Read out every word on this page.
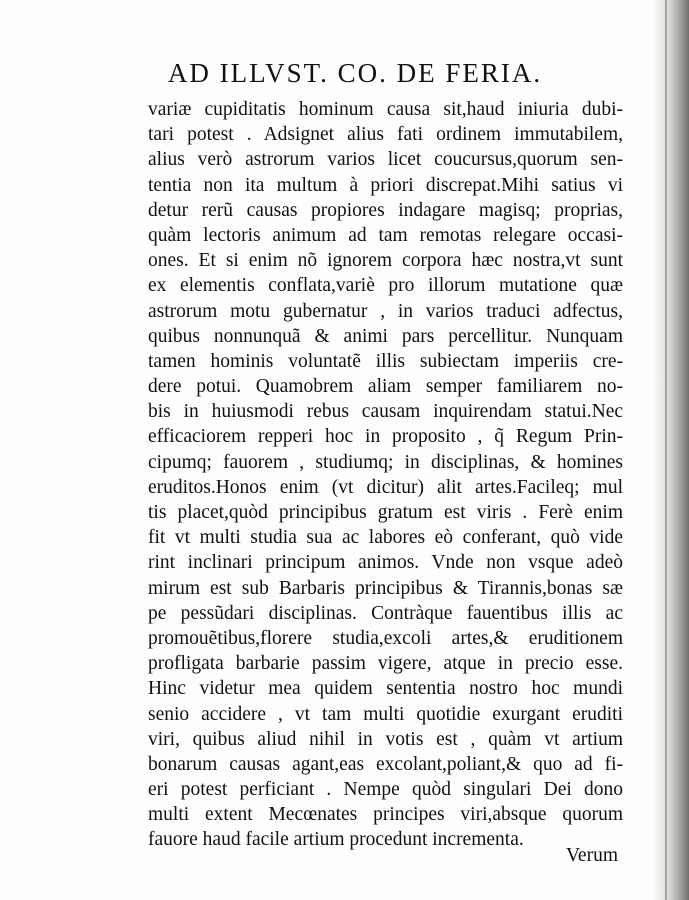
AD ILLVST. CO. DE FERIA.
variæ cupiditatis hominum causa sit,haud iniuria dubi-
tari potest . Adsignet alius fati ordinem immutabilem,
alius verò astrorum varios licet coucursus,quorum sen-
tentia non ita multum à priori discrepat.Mihi satius vi
detur rerũ causas propiores indagare magisq; proprias,
quàm lectoris animum ad tam remotas relegare occasi-
ones. Et si enim nõ ignorem corpora hæc nostra,vt sunt
ex elementis conflata,variè pro illorum mutatione quæ
astrorum motu gubernatur , in varios traduci adfectus,
quibus nonnunquã & animi pars percellitur. Nunquam
tamen hominis voluntatẽ illis subiectam imperiis cre-
dere potui. Quamobrem aliam semper familiarem no-
bis in huiusmodi rebus causam inquirendam statui.Nec
efficaciorem repperi hoc in proposito , q̃ Regum Prin-
cipumq; fauorem , studiumq; in disciplinas, & homines
eruditos.Honos enim (vt dicitur) alit artes.Facileq; mul
tis placet,quòd principibus gratum est viris . Ferè enim
fit vt multi studia sua ac labores eò conferant, quò vide
rint inclinari principum animos. Vnde non vsque adeò
mirum est sub Barbaris principibus & Tirannis,bonas sæ
pe pessũdari disciplinas. Contràque fauentibus illis ac
promouẽtibus,florere studia,excoli artes,& eruditionem
profligata barbarie passim vigere, atque in precio esse.
Hinc videtur mea quidem sententia nostro hoc mundi
senio accidere , vt tam multi quotidie exurgant eruditi
viri, quibus aliud nihil in votis est , quàm vt artium
bonarum causas agant,eas excolant,poliant,& quo ad fi-
eri potest perficiant . Nempe quòd singulari Dei dono
multi extent Mecœnates principes viri,absque quorum
fauore haud facile artium procedunt incrementa.
Verum
